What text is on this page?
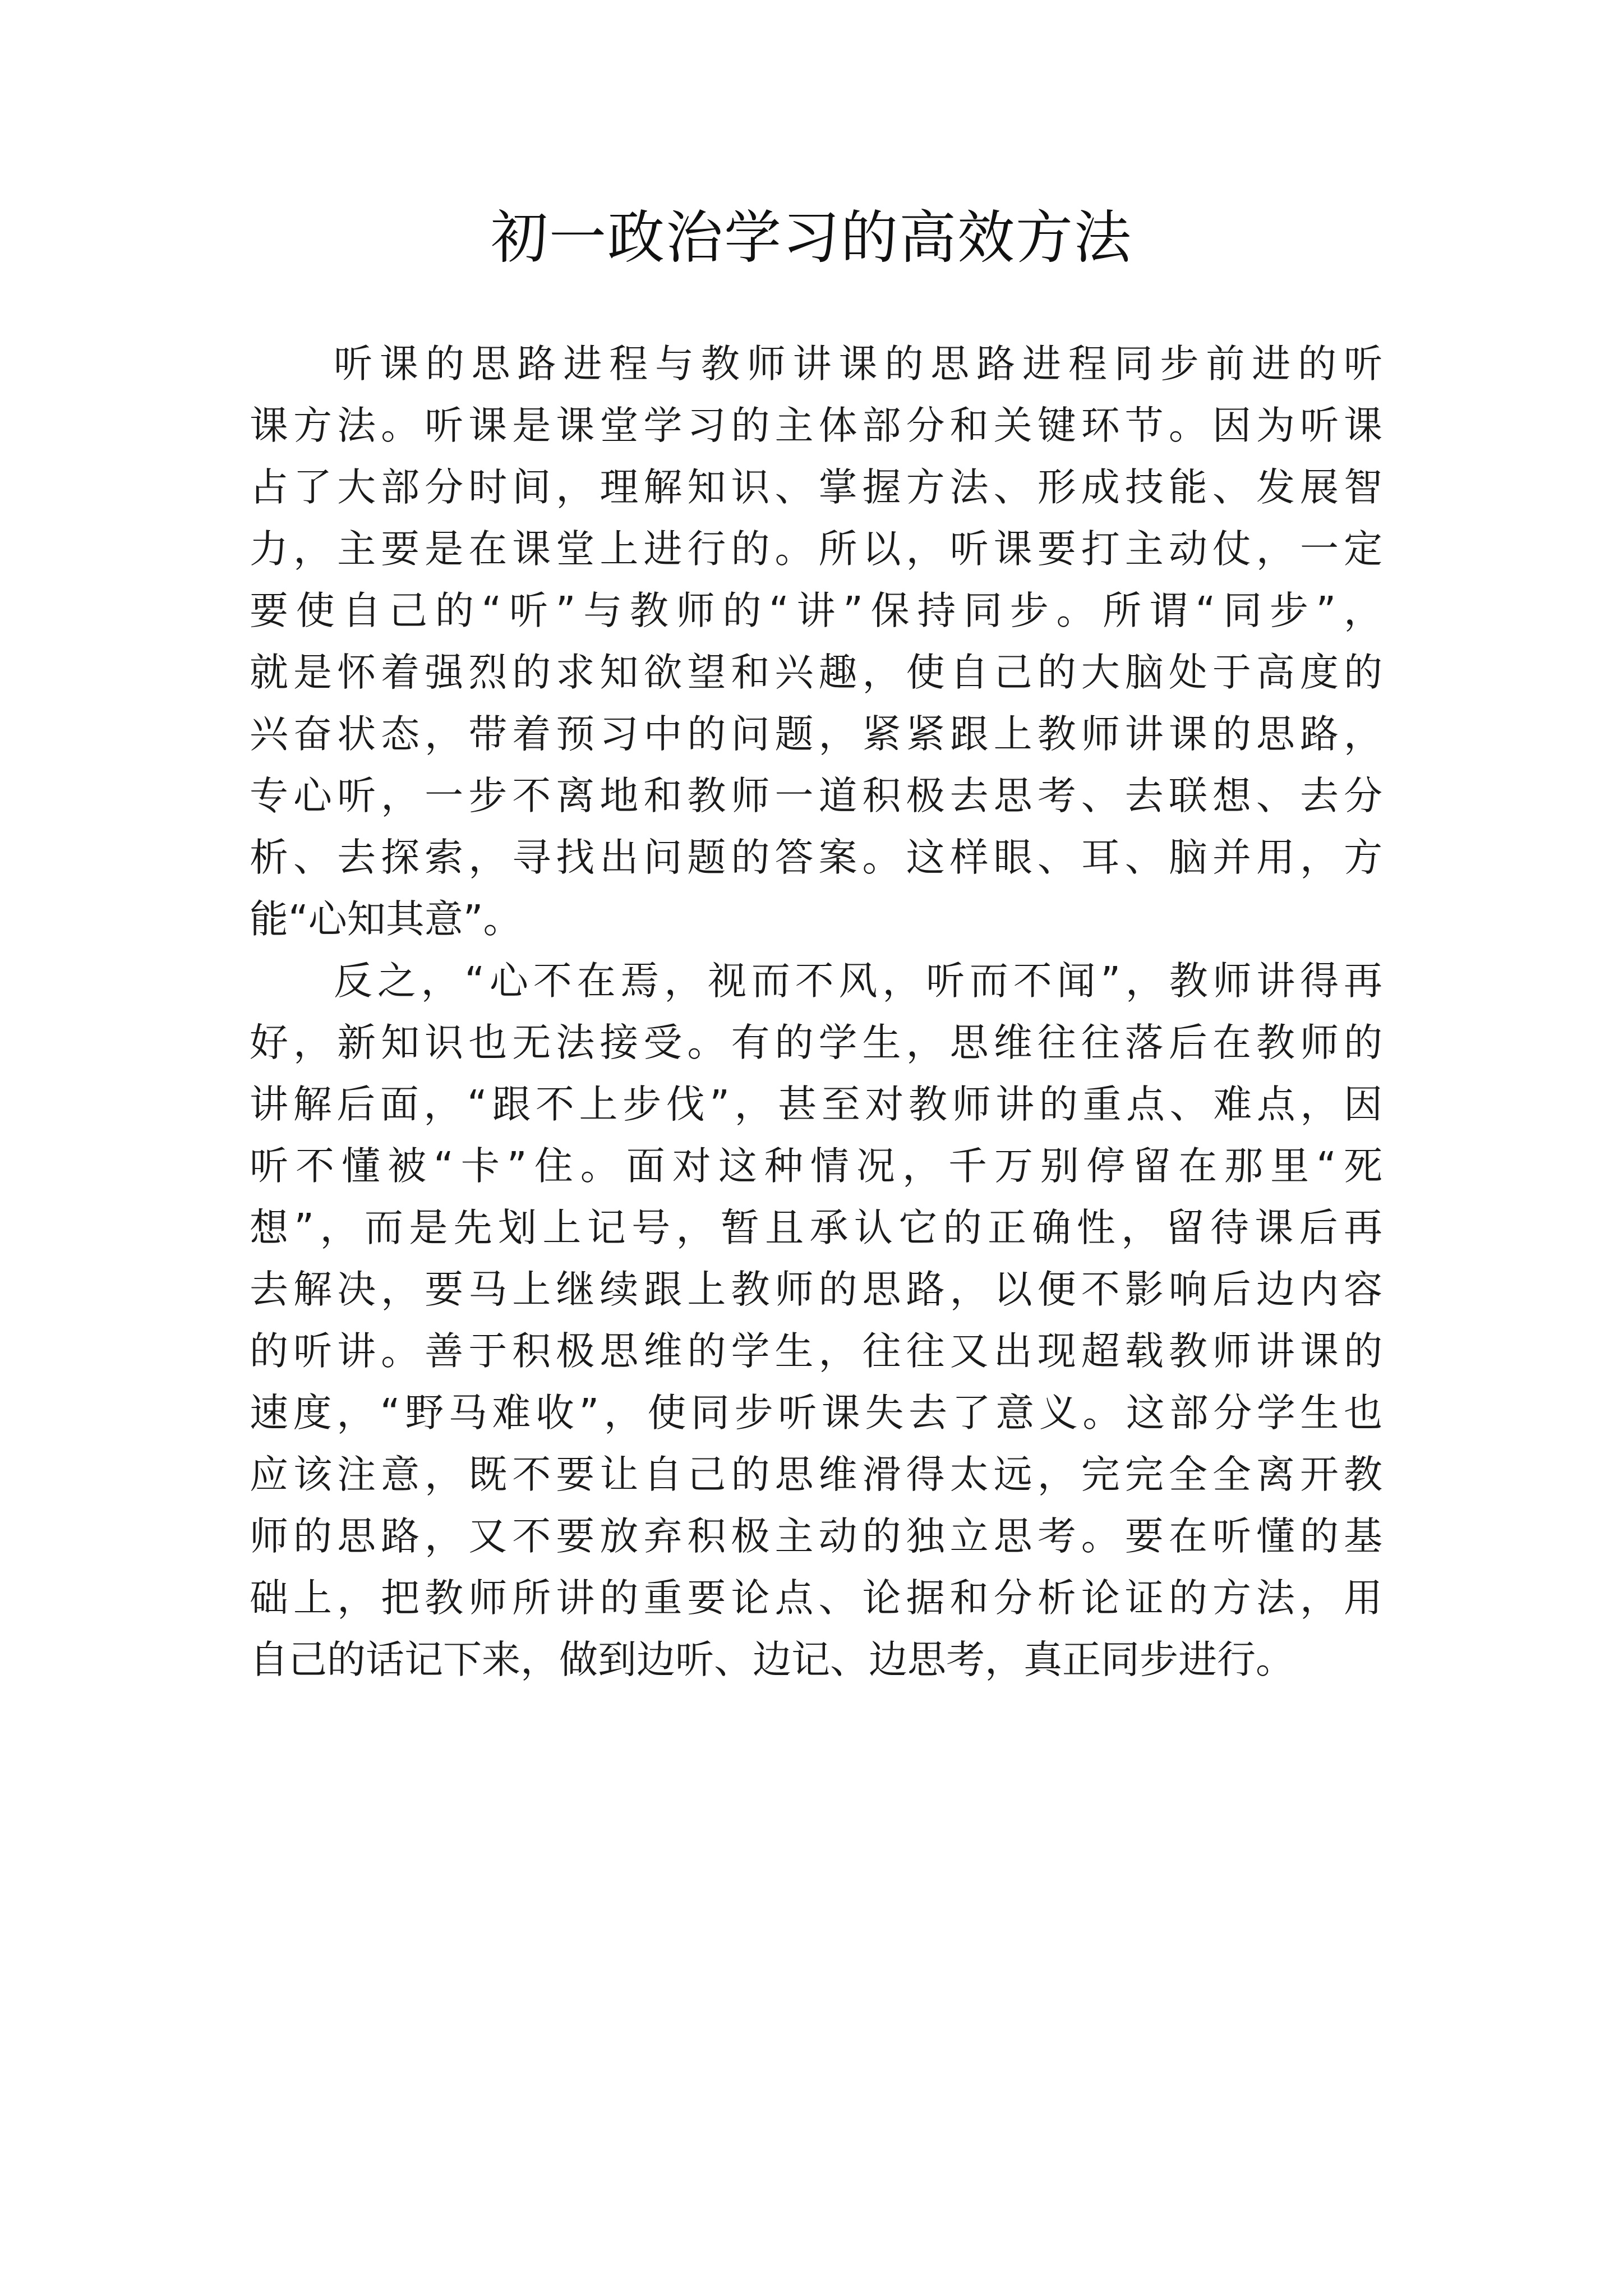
初一政治学习的高效方法
听课的思路进程与教师讲课的思路进程同步前进的听
课方法。听课是课堂学习的主体部分和关键环节。因为听课
占了大部分时间，理解知识、掌握方法、形成技能、发展智
力，主要是在课堂上进行的。所以，听课要打主动仗，一定
要使自己的“听”与教师的“讲”保持同步。所谓“同步”，
就是怀着强烈的求知欲望和兴趣，使自己的大脑处于高度的
兴奋状态，带着预习中的问题，紧紧跟上教师讲课的思路，
专心听，一步不离地和教师一道积极去思考、去联想、去分
析、去探索，寻找出问题的答案。这样眼、耳、脑并用，方
能“心知其意”。
反之，“心不在焉，视而不风，听而不闻”，教师讲得再
好，新知识也无法接受。有的学生，思维往往落后在教师的
讲解后面，“跟不上步伐”，甚至对教师讲的重点、难点，因
听不懂被“卡”住。面对这种情况，千万别停留在那里“死
想”，而是先划上记号，暂且承认它的正确性，留待课后再
去解决，要马上继续跟上教师的思路，以便不影响后边内容
的听讲。善于积极思维的学生，往往又出现超载教师讲课的
速度，“野马难收”，使同步听课失去了意义。这部分学生也
应该注意，既不要让自己的思维滑得太远，完完全全离开教
师的思路，又不要放弃积极主动的独立思考。要在听懂的基
础上，把教师所讲的重要论点、论据和分析论证的方法，用
自己的话记下来，做到边听、边记、边思考，真正同步进行。
